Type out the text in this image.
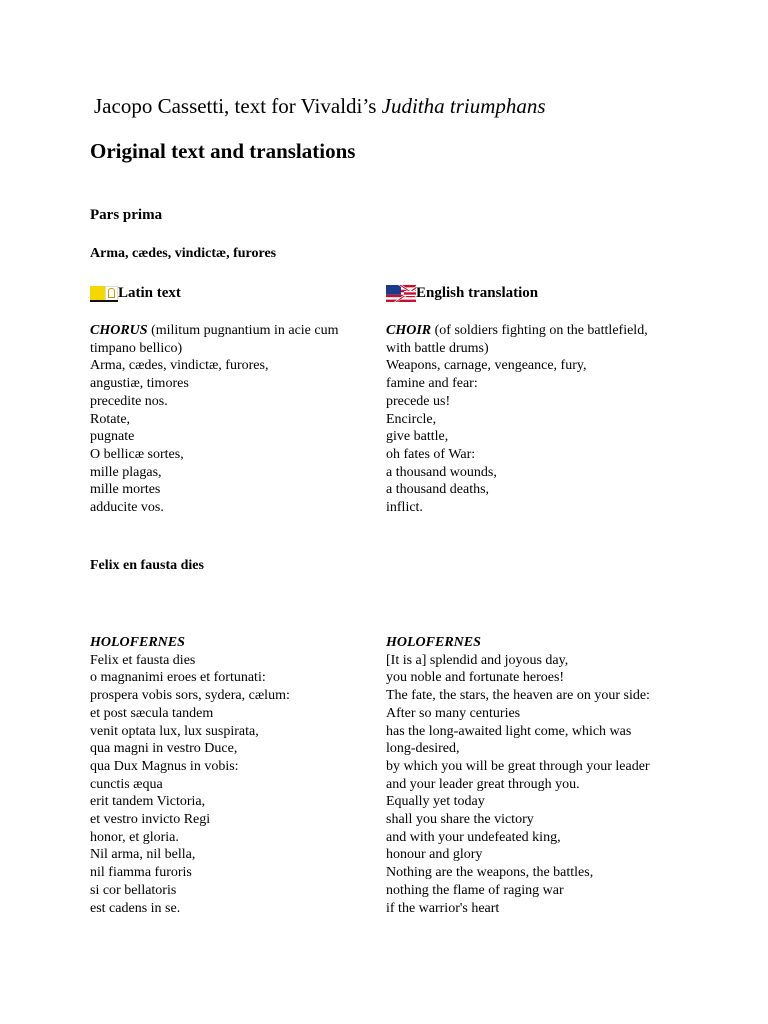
Jacopo Cassetti, text for Vivaldi’s Juditha triumphans
Original text and translations
Pars prima
Arma, cædes, vindictæ, furores
Latin text	English translation
CHORUS (militum pugnantium in acie cum
timpano bellico)
Arma, cædes, vindictæ, furores,
angustiæ, timores
precedite nos.
Rotate,
pugnate
O bellicæ sortes,
mille plagas,
mille mortes
adducite vos.
CHOIR (of soldiers fighting on the battlefield,
with battle drums)
Weapons, carnage, vengeance, fury,
famine and fear:
precede us!
Encircle,
give battle,
oh fates of War:
a thousand wounds,
a thousand deaths,
inflict.
Felix en fausta dies
HOLOFERNES
Felix et fausta dies
o magnanimi eroes et fortunati:
prospera vobis sors, sydera, cælum:
et post sæcula tandem
venit optata lux, lux suspirata,
qua magni in vestro Duce,
qua Dux Magnus in vobis:
cunctis æqua
erit tandem Victoria,
et vestro invicto Regi
honor, et gloria.
Nil arma, nil bella,
nil fiamma furoris
si cor bellatoris
est cadens in se.
HOLOFERNES
[It is a] splendid and joyous day,
you noble and fortunate heroes!
The fate, the stars, the heaven are on your side:
After so many centuries
has the long-awaited light come, which was
long-desired,
by which you will be great through your leader
and your leader great through you.
Equally yet today
shall you share the victory
and with your undefeated king,
honour and glory
Nothing are the weapons, the battles,
nothing the flame of raging war
if the warrior's heart
